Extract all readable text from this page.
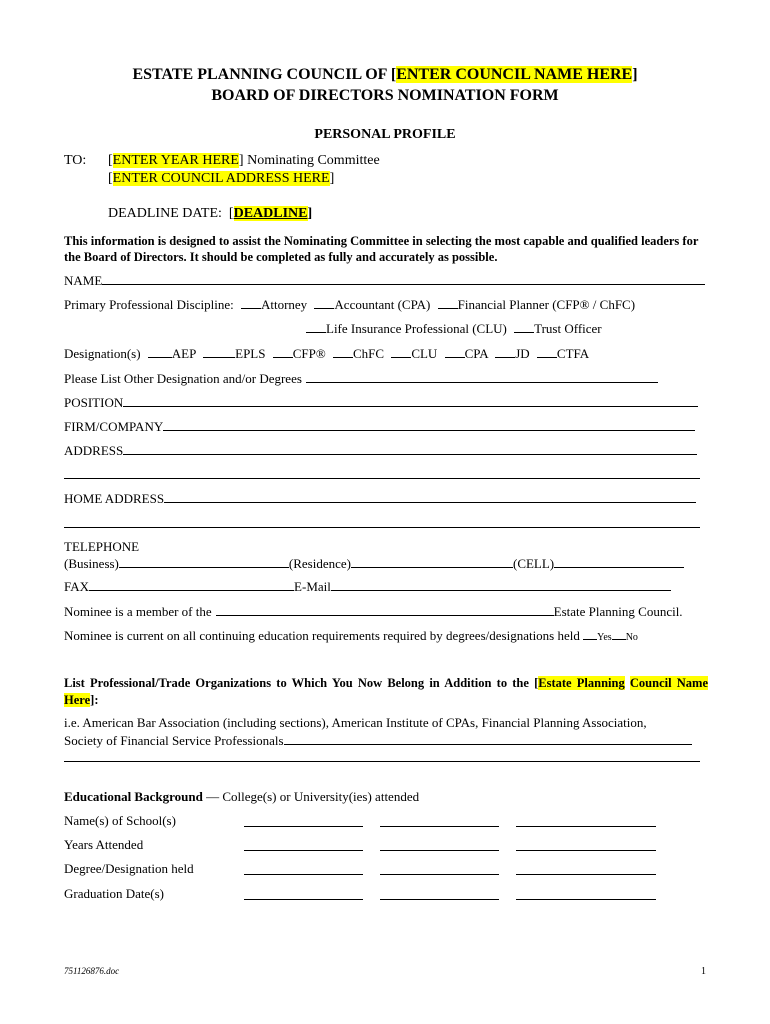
ESTATE PLANNING COUNCIL OF [ENTER COUNCIL NAME HERE]
BOARD OF DIRECTORS NOMINATION FORM
PERSONAL PROFILE
TO: [ENTER YEAR HERE] Nominating Committee
[ENTER COUNCIL ADDRESS HERE]
DEADLINE DATE: [DEADLINE]
This information is designed to assist the Nominating Committee in selecting the most capable and qualified leaders for the Board of Directors. It should be completed as fully and accurately as possible.
NAME
Primary Professional Discipline: Attorney Accountant (CPA) Financial Planner (CFP® / ChFC)
Life Insurance Professional (CLU) Trust Officer
Designation(s) AEP	EPLS CFP® ChFC CLU CPA JD CTFA
Please List Other Designation and/or Degrees
POSITION
FIRM/COMPANY
ADDRESS
HOME ADDRESS
TELEPHONE
(Business)	(Residence)	(CELL)
FAX	E-Mail
Nominee is a member of the	Estate Planning Council.
Nominee is current on all continuing education requirements required by degrees/designations held Yes No
List Professional/Trade Organizations to Which You Now Belong in Addition to the [Estate Planning Council Name Here]:
i.e. American Bar Association (including sections), American Institute of CPAs, Financial Planning Association,
Society of Financial Service Professionals
Educational Background — College(s) or University(ies) attended
Name(s) of School(s)
Years Attended
Degree/Designation held
Graduation Date(s)
751126876.doc	1
